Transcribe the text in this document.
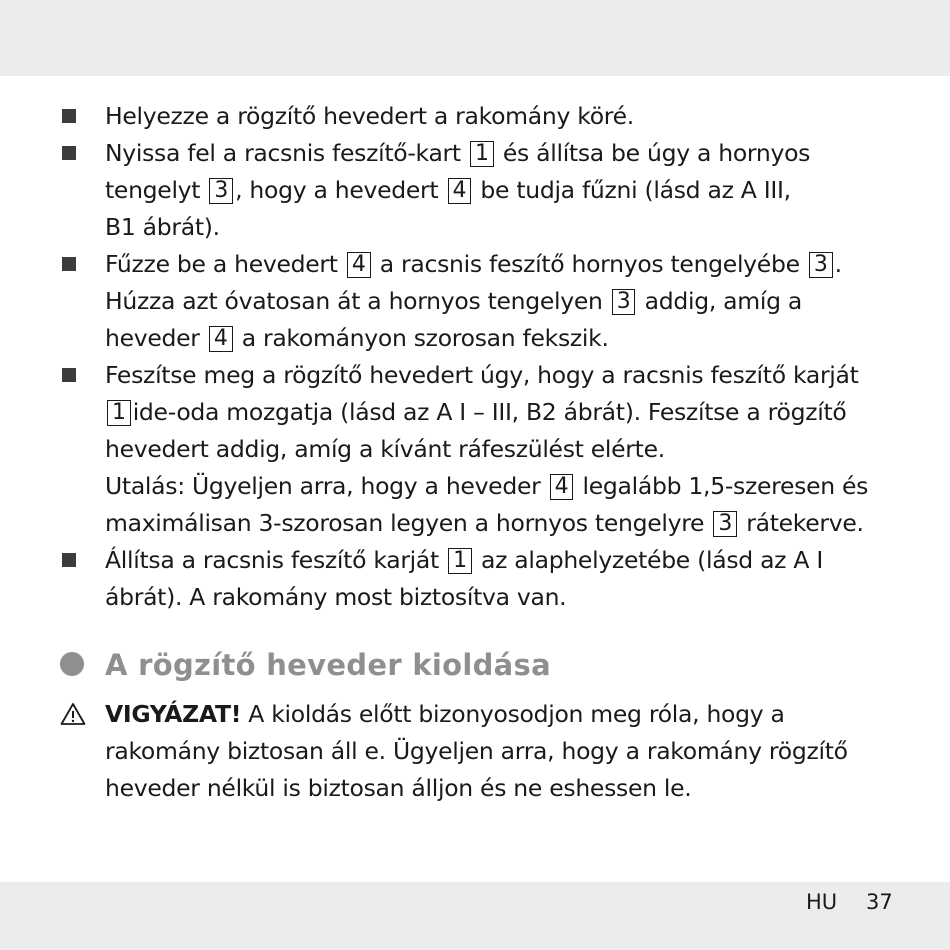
Helyezze a rögzítő hevedert a rakomány köré.
Nyissa fel a racsnis feszítő-kart 1 és állítsa be úgy a hornyos
tengelyt 3 , hogy a hevedert 4 be tudja fűzni (lásd az A III,
B1 ábrát).
Fűzze be a hevedert 4 a racsnis feszítő hornyos tengelyébe 3 .
Húzza azt óvatosan át a hornyos tengelyen 3 addig, amíg a
heveder 4 a rakományon szorosan fekszik.
Feszítse meg a rögzítő hevedert úgy, hogy a racsnis feszítő karját
1 ide-oda mozgatja (lásd az A I – III, B2 ábrát). Feszítse a rögzítő
hevedert addig, amíg a kívánt ráfeszülést elérte.
Utalás: Ügyeljen arra, hogy a heveder 4 legalább 1,5-szeresen és
maximálisan 3-szorosan legyen a hornyos tengelyre 3 rátekerve.
Állítsa a racsnis feszítő karját 1 az alaphelyzetébe (lásd az A I
ábrát). A rakomány most biztosítva van.
A rögzítő heveder kioldása
VIGYÁZAT! A kioldás előtt bizonyosodjon meg róla, hogy a
rakomány biztosan áll e. Ügyeljen arra, hogy a rakomány rögzítő
heveder nélkül is biztosan álljon és ne eshessen le.
HU 37
